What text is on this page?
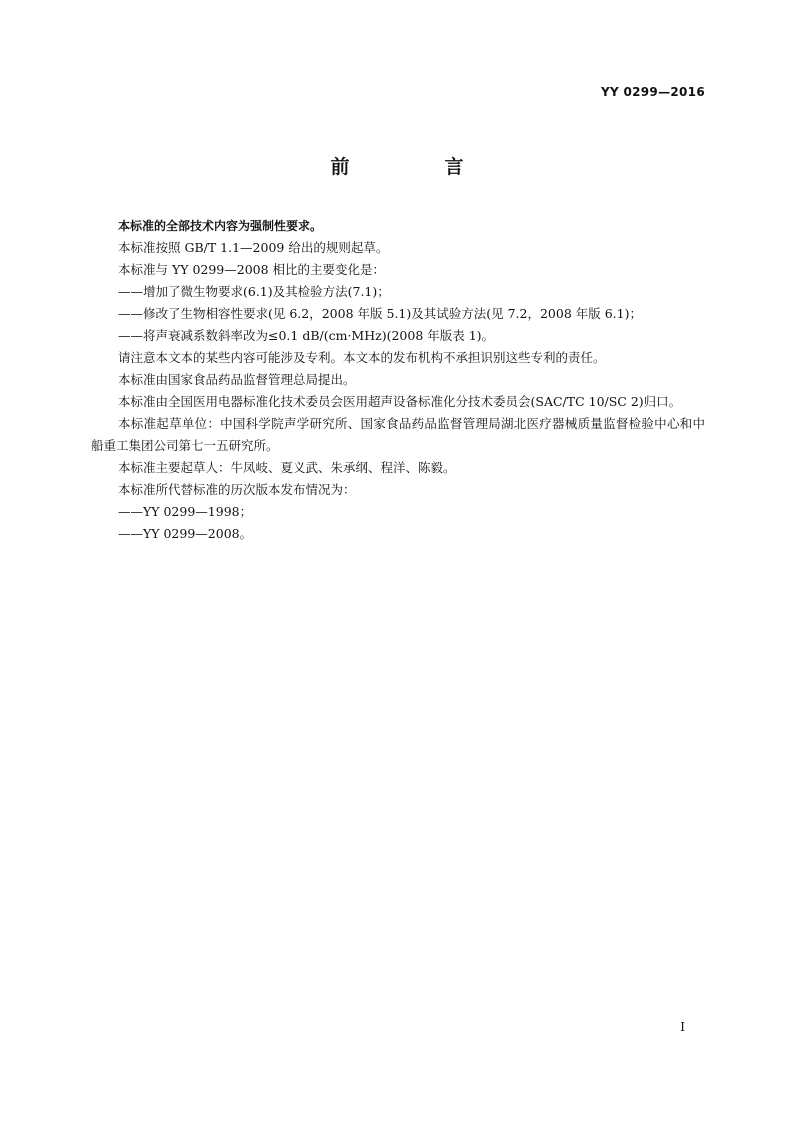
YY 0299—2016
前　言

本标准的全部技术内容为强制性要求。

本标准按照 GB/T 1.1—2009 给出的规则起草。

本标准与 YY 0299—2008 相比的主要变化是：

——增加了微生物要求(6.1)及其检验方法(7.1)；

——修改了生物相容性要求(见 6.2，2008 年版 5.1)及其试验方法(见 7.2，2008 年版 6.1)；

——将声衰减系数斜率改为≤0.1 dB/(cm·MHz)(2008 年版表 1)。

请注意本文本的某些内容可能涉及专利。本文本的发布机构不承担识别这些专利的责任。

本标准由国家食品药品监督管理总局提出。

本标准由全国医用电器标准化技术委员会医用超声设备标准化分技术委员会(SAC/TC 10/SC 2)归口。

本标准起草单位：中国科学院声学研究所、国家食品药品监督管理局湖北医疗器械质量监督检验中心和中船重工集团公司第七一五研究所。

本标准主要起草人：牛凤岐、夏义武、朱承纲、程洋、陈毅。

本标准所代替标准的历次版本发布情况为：

——YY 0299—1998；

——YY 0299—2008。

I
